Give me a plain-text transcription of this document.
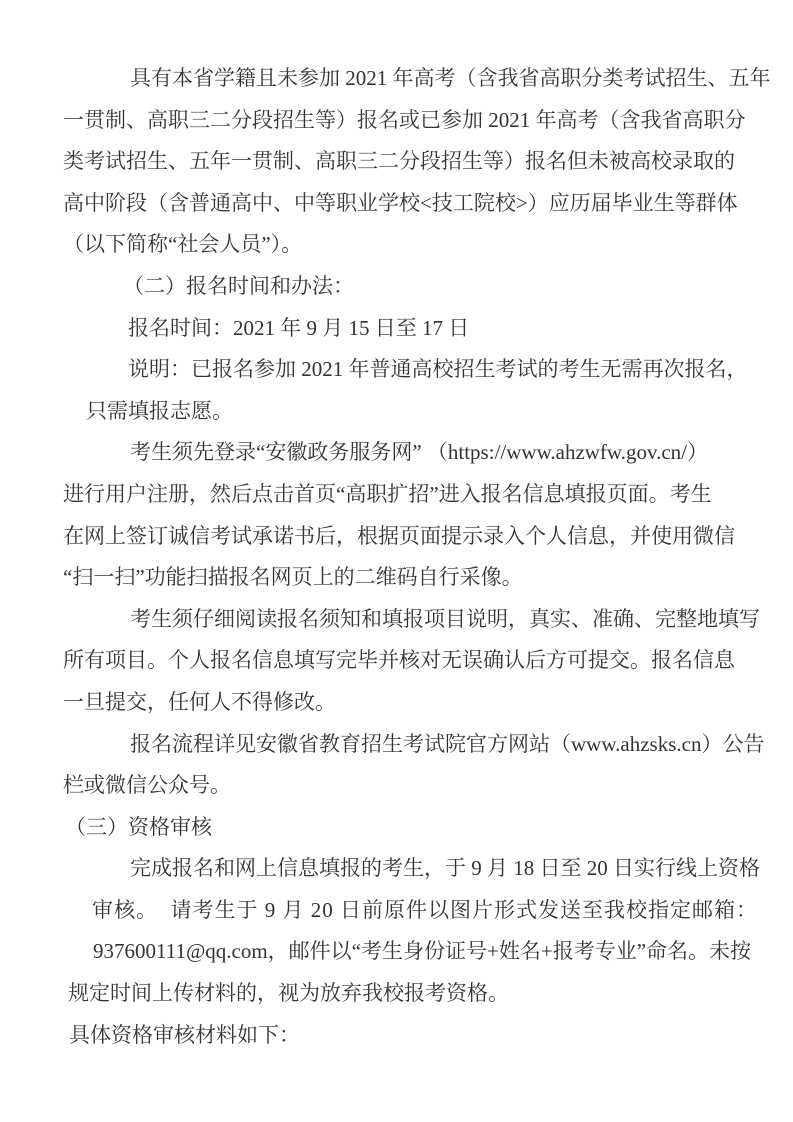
具有本省学籍且未参加 2021 年高考（含我省高职分类考试招生、五年
一贯制、高职三二分段招生等）报名或已参加 2021 年高考（含我省高职分
类考试招生、五年一贯制、高职三二分段招生等）报名但未被高校录取的
高中阶段（含普通高中、中等职业学校<技工院校>）应历届毕业生等群体
（以下简称“社会人员”）。
（二）报名时间和办法：
报名时间：2021 年 9 月 15 日至 17 日
说明：已报名参加 2021 年普通高校招生考试的考生无需再次报名，
只需填报志愿。
考生须先登录“安徽政务服务网” （https://www.ahzwfw.gov.cn/）
进行用户注册，然后点击首页“高职扩招”进入报名信息填报页面。考生
在网上签订诚信考试承诺书后，根据页面提示录入个人信息，并使用微信
“扫一扫”功能扫描报名网页上的二维码自行采像。
考生须仔细阅读报名须知和填报项目说明，真实、准确、完整地填写
所有项目。个人报名信息填写完毕并核对无误确认后方可提交。报名信息
一旦提交，任何人不得修改。
报名流程详见安徽省教育招生考试院官方网站（www.ahzsks.cn）公告
栏或微信公众号。
（三）资格审核
完成报名和网上信息填报的考生，于 9 月 18 日至 20 日实行线上资格
审核。  请考生于 9 月 20 日前原件以图片形式发送至我校指定邮箱：
937600111@qq.com，邮件以“考生身份证号+姓名+报考专业”命名。未按
规定时间上传材料的，视为放弃我校报考资格。
具体资格审核材料如下：
